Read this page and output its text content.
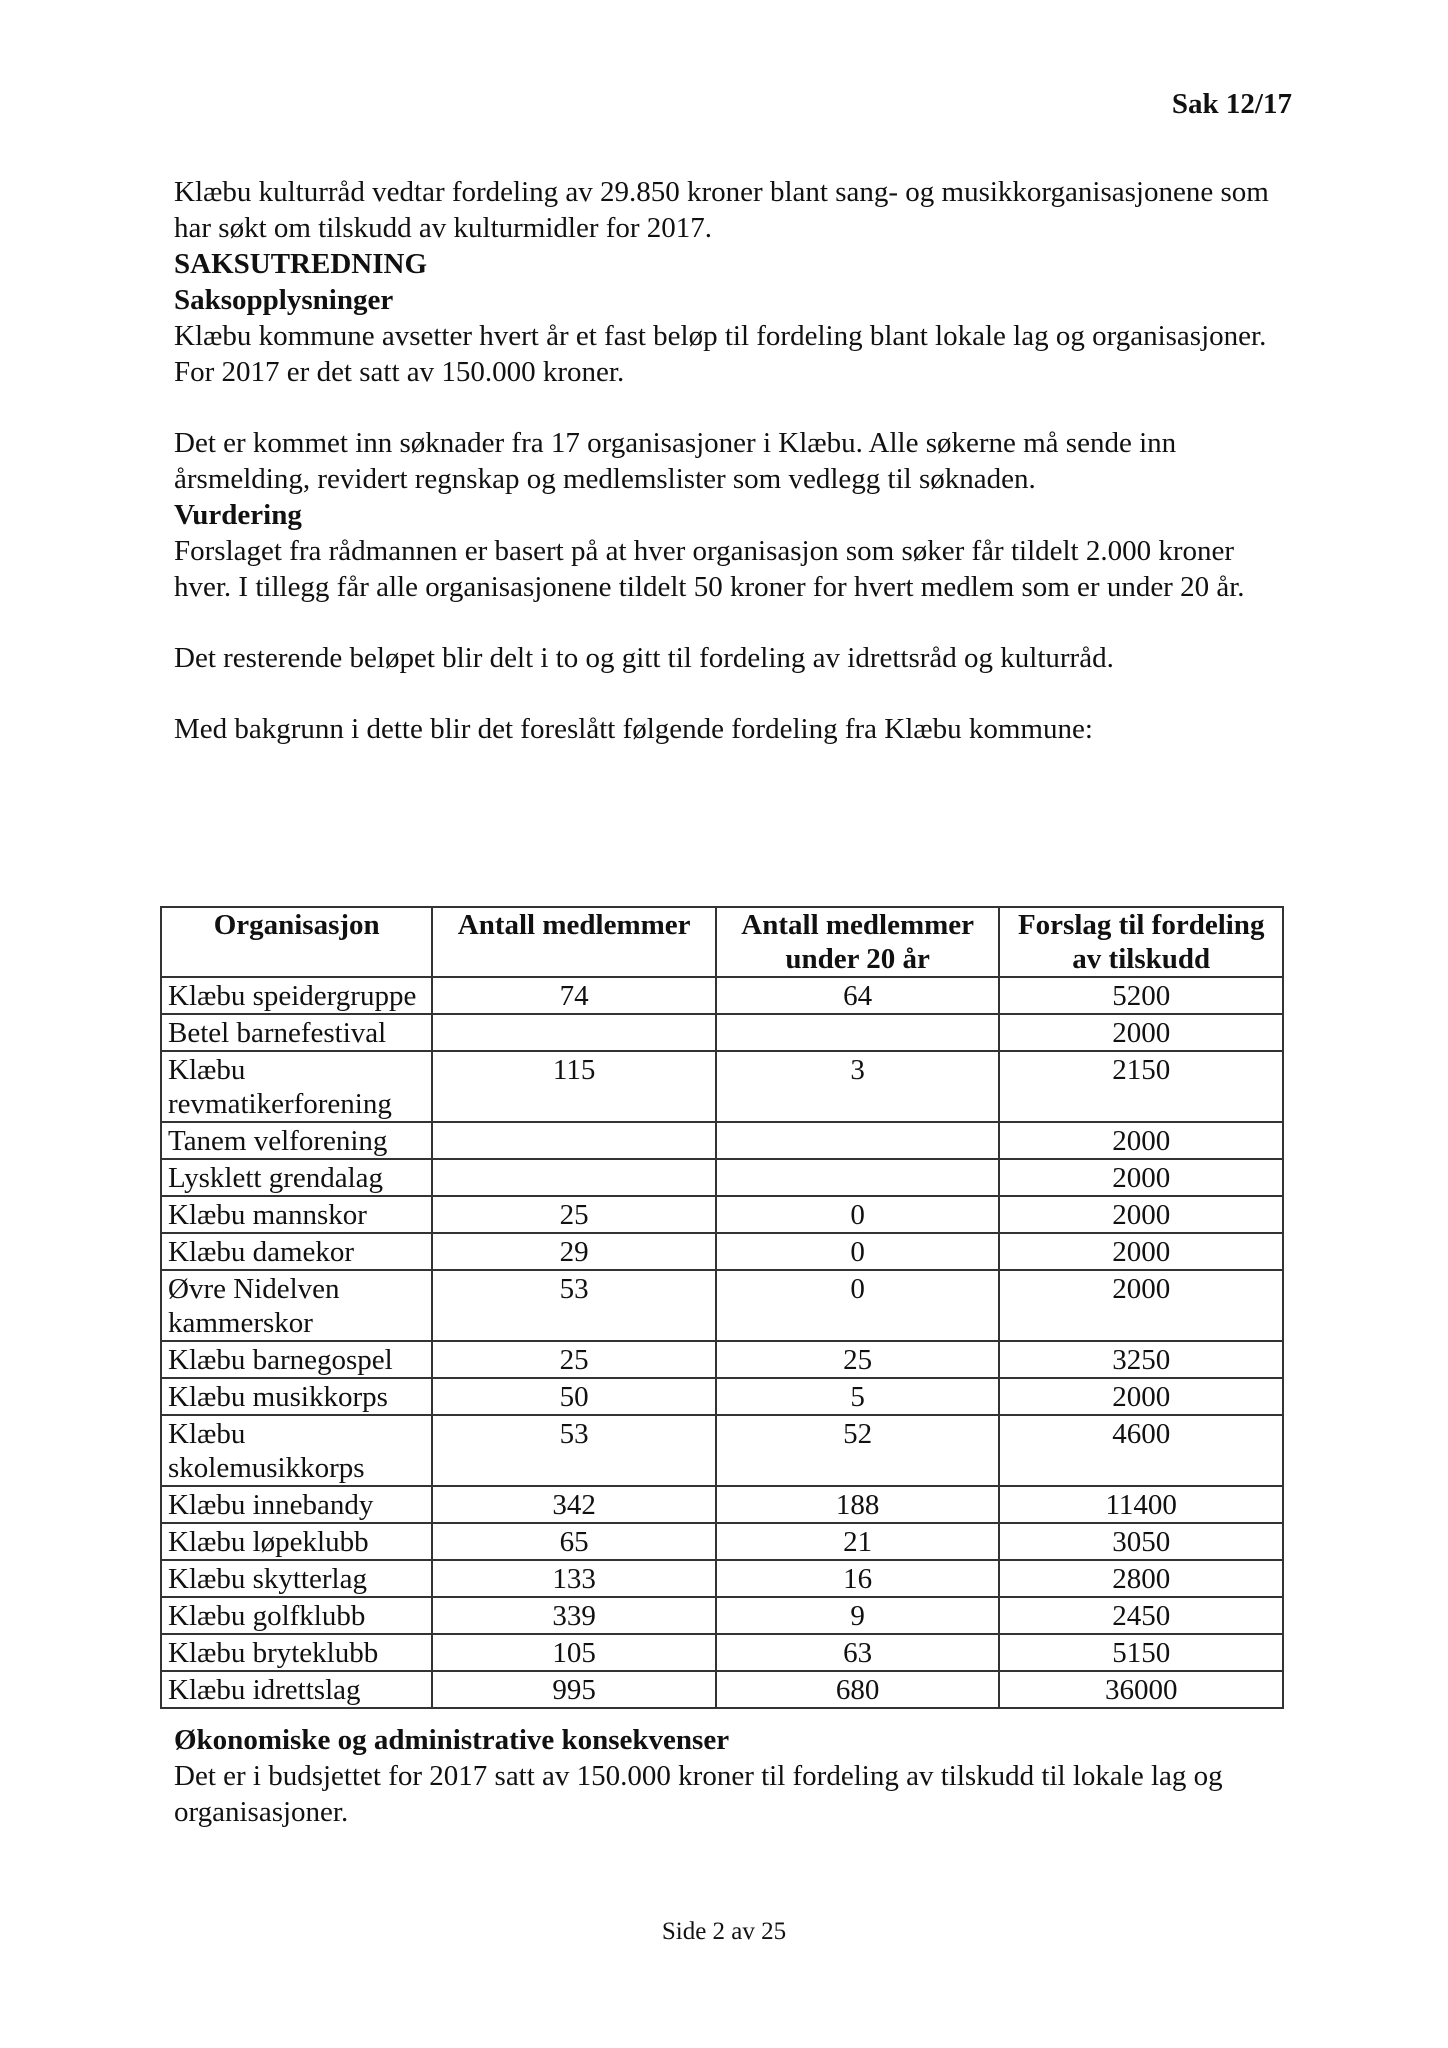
Sak 12/17

Klæbu kulturråd vedtar fordeling av 29.850 kroner blant sang- og musikkorganisasjonene som har søkt om tilskudd av kulturmidler for 2017.

SAKSUTREDNING

Saksopplysninger

Klæbu kommune avsetter hvert år et fast beløp til fordeling blant lokale lag og organisasjoner. For 2017 er det satt av 150.000 kroner.

Det er kommet inn søknader fra 17 organisasjoner i Klæbu. Alle søkerne må sende inn årsmelding, revidert regnskap og medlemslister som vedlegg til søknaden.

Vurdering

Forslaget fra rådmannen er basert på at hver organisasjon som søker får tildelt 2.000 kroner hver. I tillegg får alle organisasjonene tildelt 50 kroner for hvert medlem som er under 20 år.

Det resterende beløpet blir delt i to og gitt til fordeling av idrettsråd og kulturråd.

Med bakgrunn i dette blir det foreslått følgende fordeling fra Klæbu kommune:

Organisasjon	Antall medlemmer	Antall medlemmer under 20 år	Forslag til fordeling av tilskudd
Klæbu speidergruppe	74	64	5200
Betel barnefestival			2000
Klæbu revmatikerforening	115	3	2150
Tanem velforening			2000
Lysklett grendalag			2000
Klæbu mannskor	25	0	2000
Klæbu damekor	29	0	2000
Øvre Nidelven kammerskor	53	0	2000
Klæbu barnegospel	25	25	3250
Klæbu musikkorps	50	5	2000
Klæbu skolemusikkorps	53	52	4600
Klæbu innebandy	342	188	11400
Klæbu løpeklubb	65	21	3050
Klæbu skytterlag	133	16	2800
Klæbu golfklubb	339	9	2450
Klæbu bryteklubb	105	63	5150
Klæbu idrettslag	995	680	36000

Økonomiske og administrative konsekvenser

Det er i budsjettet for 2017 satt av 150.000 kroner til fordeling av tilskudd til lokale lag og organisasjoner.

Side 2 av 25
